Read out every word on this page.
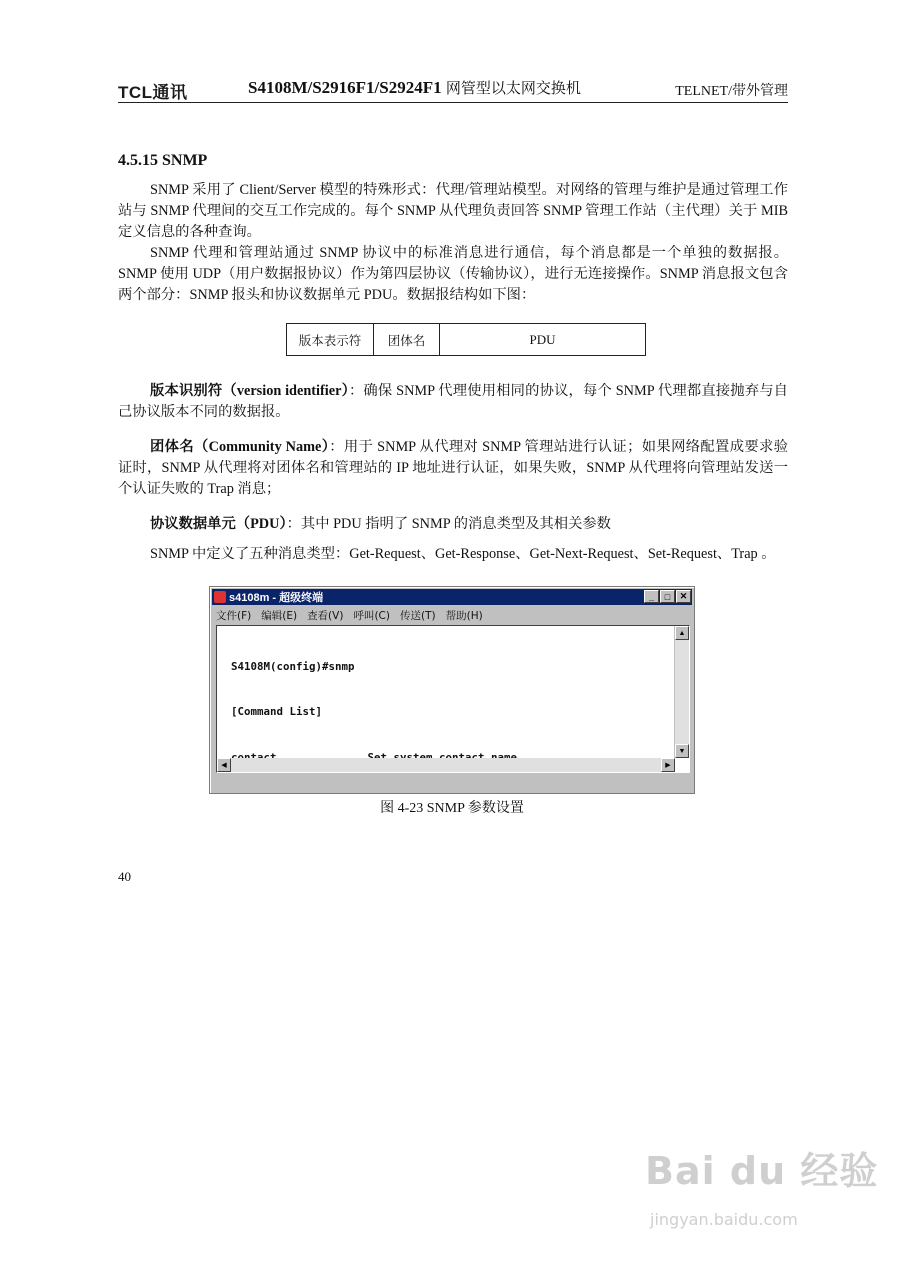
TCL通讯	S4108M/S2916F1/S2924F1 网管型以太网交换机	TELNET/带外管理
4.5.15 SNMP

SNMP 采用了 Client/Server 模型的特殊形式：代理/管理站模型。对网络的管理与维护是通过管理工作站与 SNMP 代理间的交互工作完成的。每个 SNMP 从代理负责回答 SNMP 管理工作站（主代理）关于 MIB 定义信息的各种查询。

SNMP 代理和管理站通过 SNMP 协议中的标准消息进行通信，每个消息都是一个单独的数据报。SNMP 使用 UDP（用户数据报协议）作为第四层协议（传输协议），进行无连接操作。SNMP 消息报文包含两个部分：SNMP 报头和协议数据单元 PDU。数据报结构如下图：

版本表示符	团体名	PDU

版本识别符（version identifier）：确保 SNMP 代理使用相同的协议，每个 SNMP 代理都直接抛弃与自己协议版本不同的数据报。

团体名（Community Name）：用于 SNMP 从代理对 SNMP 管理站进行认证；如果网络配置成要求验证时，SNMP 从代理将对团体名和管理站的 IP 地址进行认证，如果失败，SNMP 从代理将向管理站发送一个认证失败的 Trap 消息；

协议数据单元（PDU）：其中 PDU 指明了 SNMP 的消息类型及其相关参数

SNMP 中定义了五种消息类型：Get-Request、Get-Response、Get-Next-Request、Set-Request、Trap 。

s4108m - 超级终端	_	□	✕
文件(F) 编辑(E) 查看(V) 呼叫(C) 传送(T) 帮助(H)

S4108M(config)#snmp

[Command List]

▲
▼
◀	▶
图 4-23 SNMP 参数设置
40
Bai du 经验
jingyan.baidu.com
